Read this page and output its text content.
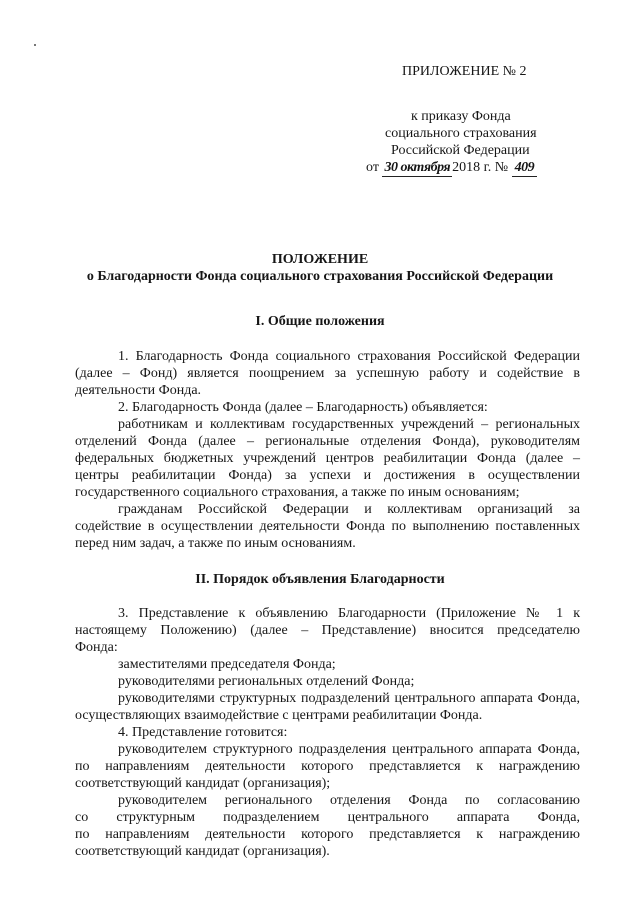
ПРИЛОЖЕНИЕ № 2
к приказу Фонда
социального страхования
Российской Федерации
от 30 октября 2018 г. № 409
ПОЛОЖЕНИЕ
о Благодарности Фонда социального страхования Российской Федерации
I. Общие положения
1. Благодарность Фонда социального страхования Российской Федерации
(далее – Фонд) является поощрением за успешную работу и содействие в
деятельности Фонда.
2. Благодарность Фонда (далее – Благодарность) объявляется:
работникам и коллективам государственных учреждений – региональных
отделений Фонда (далее – региональные отделения Фонда), руководителям
федеральных бюджетных учреждений центров реабилитации Фонда (далее –
центры реабилитации Фонда) за успехи и достижения в осуществлении
государственного социального страхования, а также по иным основаниям;
гражданам Российской Федерации и коллективам организаций за
содействие в осуществлении деятельности Фонда по выполнению поставленных
перед ним задач, а также по иным основаниям.
II. Порядок объявления Благодарности
3. Представление к объявлению Благодарности (Приложение № 1 к
настоящему Положению) (далее – Представление) вносится председателю
Фонда:
заместителями председателя Фонда;
руководителями региональных отделений Фонда;
руководителями структурных подразделений центрального аппарата Фонда,
осуществляющих взаимодействие с центрами реабилитации Фонда.
4. Представление готовится:
руководителем структурного подразделения центрального аппарата Фонда,
по направлениям деятельности которого представляется к награждению
соответствующий кандидат (организация);
руководителем регионального отделения Фонда по согласованию
со структурным подразделением центрального аппарата Фонда,
по направлениям деятельности которого представляется к награждению
соответствующий кандидат (организация).
